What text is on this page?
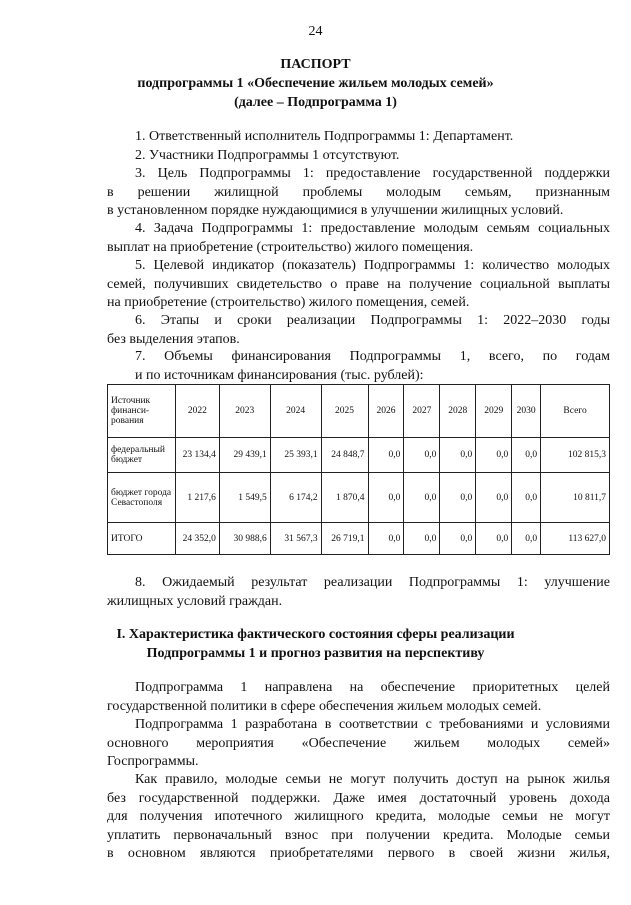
24
ПАСПОРТ
подпрограммы 1 «Обеспечение жильем молодых семей»
(далее – Подпрограмма 1)
1. Ответственный исполнитель Подпрограммы 1: Департамент.
2. Участники Подпрограммы 1 отсутствуют.
3. Цель Подпрограммы 1: предоставление государственной поддержки
в решении жилищной проблемы молодым семьям, признанным
в установленном порядке нуждающимися в улучшении жилищных условий.
4. Задача Подпрограммы 1: предоставление молодым семьям социальных
выплат на приобретение (строительство) жилого помещения.
5. Целевой индикатор (показатель) Подпрограммы 1: количество молодых
семей, получивших свидетельство о праве на получение социальной выплаты
на приобретение (строительство) жилого помещения, семей.
6. Этапы и сроки реализации Подпрограммы 1: 2022–2030 годы
без выделения этапов.
7. Объемы финансирования Подпрограммы 1, всего, по годам
и по источникам финансирования (тыс. рублей):
Источник финанси-рования	2022	2023	2024	2025	2026	2027	2028	2029	2030	Всего
федеральный бюджет	23 134,4	29 439,1	25 393,1	24 848,7	0,0	0,0	0,0	0,0	0,0	102 815,3
бюджет города Севастополя	1 217,6	1 549,5	6 174,2	1 870,4	0,0	0,0	0,0	0,0	0,0	10 811,7
ИТОГО	24 352,0	30 988,6	31 567,3	26 719,1	0,0	0,0	0,0	0,0	0,0	113 627,0
8. Ожидаемый результат реализации Подпрограммы 1: улучшение
жилищных условий граждан.
I. Характеристика фактического состояния сферы реализации
Подпрограммы 1 и прогноз развития на перспективу
Подпрограмма 1 направлена на обеспечение приоритетных целей
государственной политики в сфере обеспечения жильем молодых семей.
Подпрограмма 1 разработана в соответствии с требованиями и условиями
основного мероприятия «Обеспечение жильем молодых семей»
Госпрограммы.
Как правило, молодые семьи не могут получить доступ на рынок жилья
без государственной поддержки. Даже имея достаточный уровень дохода
для получения ипотечного жилищного кредита, молодые семьи не могут
уплатить первоначальный взнос при получении кредита. Молодые семьи
в основном являются приобретателями первого в своей жизни жилья,
